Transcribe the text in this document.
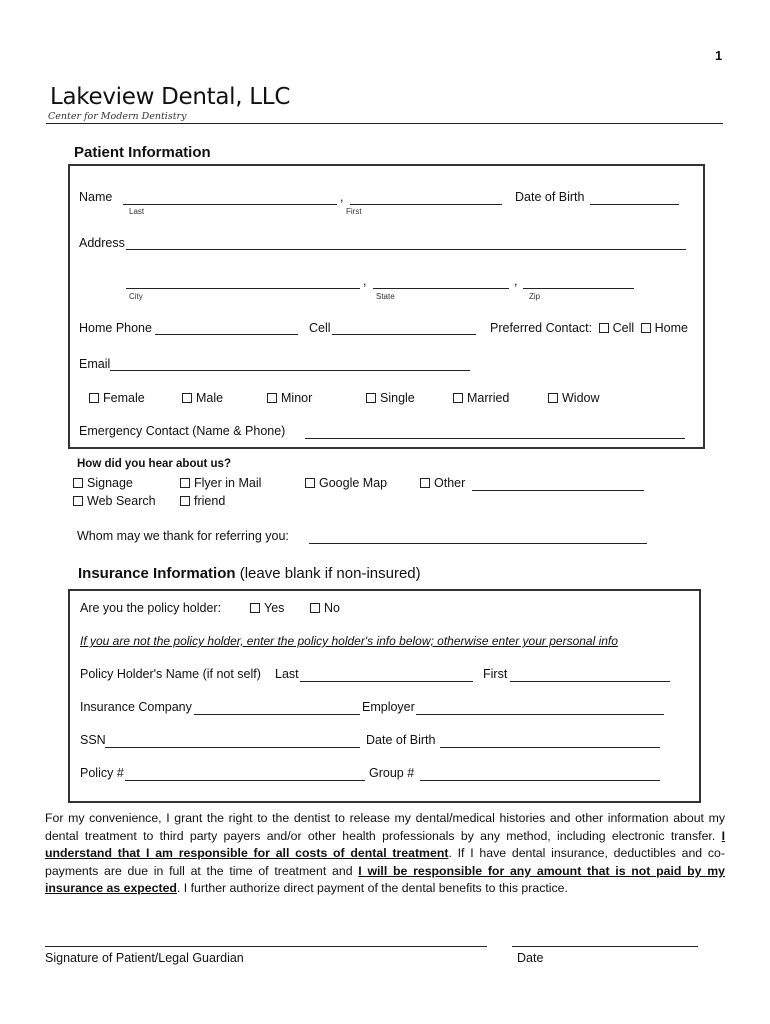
1
Lakeview Dental, LLC
Center for Modern Dentistry
Patient Information
Name	,	Date of Birth
Last	First
Address
,	,
City	State	Zip
Home Phone	Cell	Preferred Contact: Cell Home
Email
Female	Male	Minor	Single	Married	Widow
Emergency Contact (Name & Phone)
How did you hear about us?
Signage	Flyer in Mail	Google Map	Other
Web Search	friend
Whom may we thank for referring you:
Insurance Information (leave blank if non-insured)
Are you the policy holder:	Yes	No
If you are not the policy holder, enter the policy holder's info below; otherwise enter your personal info
Policy Holder's Name (if not self) Last	First
Insurance Company	Employer
SSN	Date of Birth
Policy #	Group #
For my convenience, I grant the right to the dentist to release my dental/medical histories and other information about my dental treatment to third party payers and/or other health professionals by any method, including electronic transfer. I understand that I am responsible for all costs of dental treatment. If I have dental insurance, deductibles and co-payments are due in full at the time of treatment and I will be responsible for any amount that is not paid by my insurance as expected. I further authorize direct payment of the dental benefits to this practice.
Signature of Patient/Legal Guardian	Date
